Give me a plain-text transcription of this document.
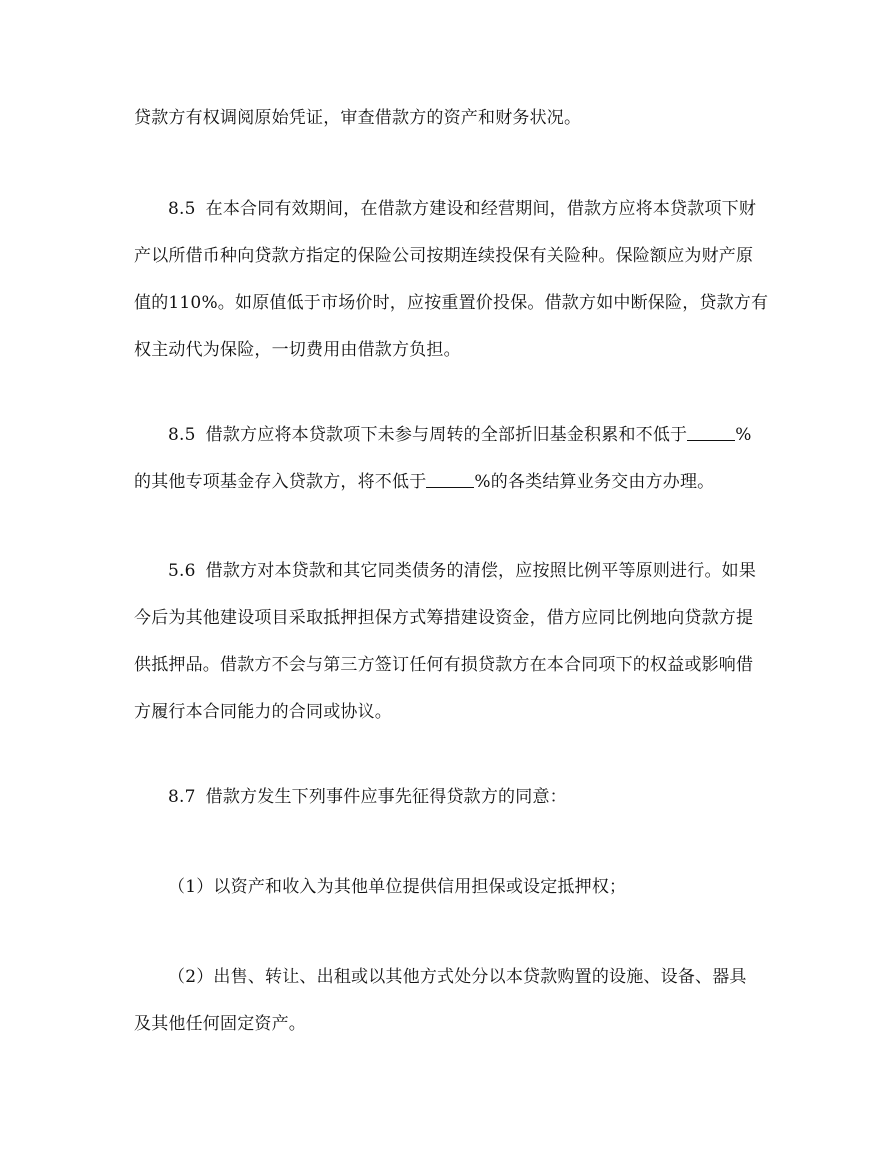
贷款方有权调阅原始凭证，审查借款方的资产和财务状况。
8.5 在本合同有效期间，在借款方建设和经营期间，借款方应将本贷款项下财
产以所借币种向贷款方指定的保险公司按期连续投保有关险种。保险额应为财产原
值的110%。如原值低于市场价时，应按重置价投保。借款方如中断保险，贷款方有
权主动代为保险，一切费用由借款方负担。
8.5 借款方应将本贷款项下未参与周转的全部折旧基金积累和不低于	%
的其他专项基金存入贷款方，将不低于	%的各类结算业务交由方办理。
5.6 借款方对本贷款和其它同类债务的清偿，应按照比例平等原则进行。如果
今后为其他建设项目采取抵押担保方式筹措建设资金，借方应同比例地向贷款方提
供抵押品。借款方不会与第三方签订任何有损贷款方在本合同项下的权益或影响借
方履行本合同能力的合同或协议。
8.7 借款方发生下列事件应事先征得贷款方的同意：
（1）以资产和收入为其他单位提供信用担保或设定抵押权；
（2）出售、转让、出租或以其他方式处分以本贷款购置的设施、设备、器具
及其他任何固定资产。
